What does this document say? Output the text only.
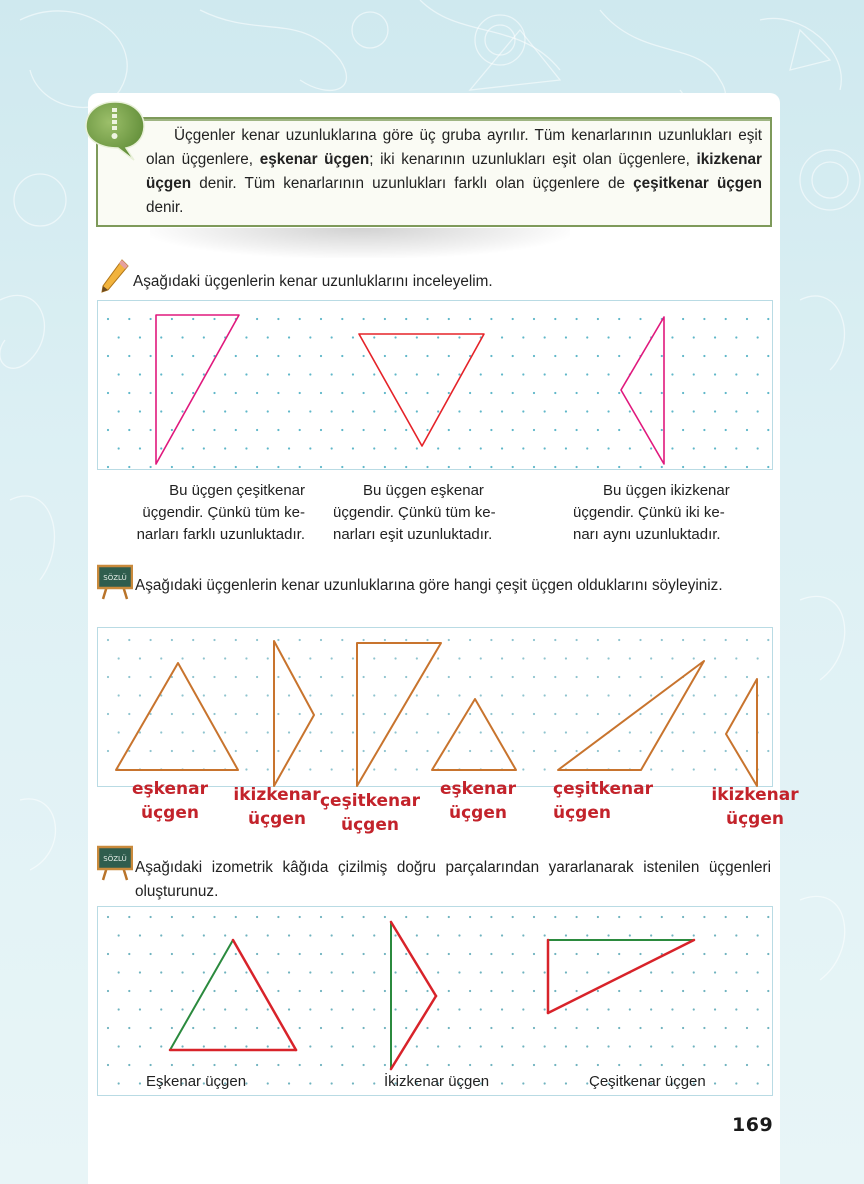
Üçgenler kenar uzunluklarına göre üç gruba ayrılır. Tüm kenarlarının uzunlukları eşit olan üçgenlere, eşkenar üçgen; iki kenarının uzunlukları eşit olan üçgenlere, ikizkenar üçgen denir. Tüm kenarlarının uzunlukları farklı olan üçgenlere de çeşitkenar üçgen denir.
Aşağıdaki üçgenlerin kenar uzunluklarını inceleyelim.
Bu üçgen çeşitkenar
üçgendir. Çünkü tüm ke-
narları farklı uzunluktadır.
Bu üçgen eşkenar
üçgendir. Çünkü tüm ke-
narları eşit uzunluktadır.
Bu üçgen ikizkenar
üçgendir. Çünkü iki ke-
narı aynı uzunluktadır.
SÖZLÜ Aşağıdaki üçgenlerin kenar uzunluklarına göre hangi çeşit üçgen olduklarını söyleyiniz.
eşkenar
üçgen
ikizkenar
üçgen
çeşitkenar
üçgen
eşkenar
üçgen
çeşitkenar
üçgen
ikizkenar
üçgen
SÖZLÜ Aşağıdaki izometrik kâğıda çizilmiş doğru parçalarından yararlanarak istenilen üçgenleri oluşturunuz.
Eşkenar üçgen	İkizkenar üçgen	Çeşitkenar üçgen
169
